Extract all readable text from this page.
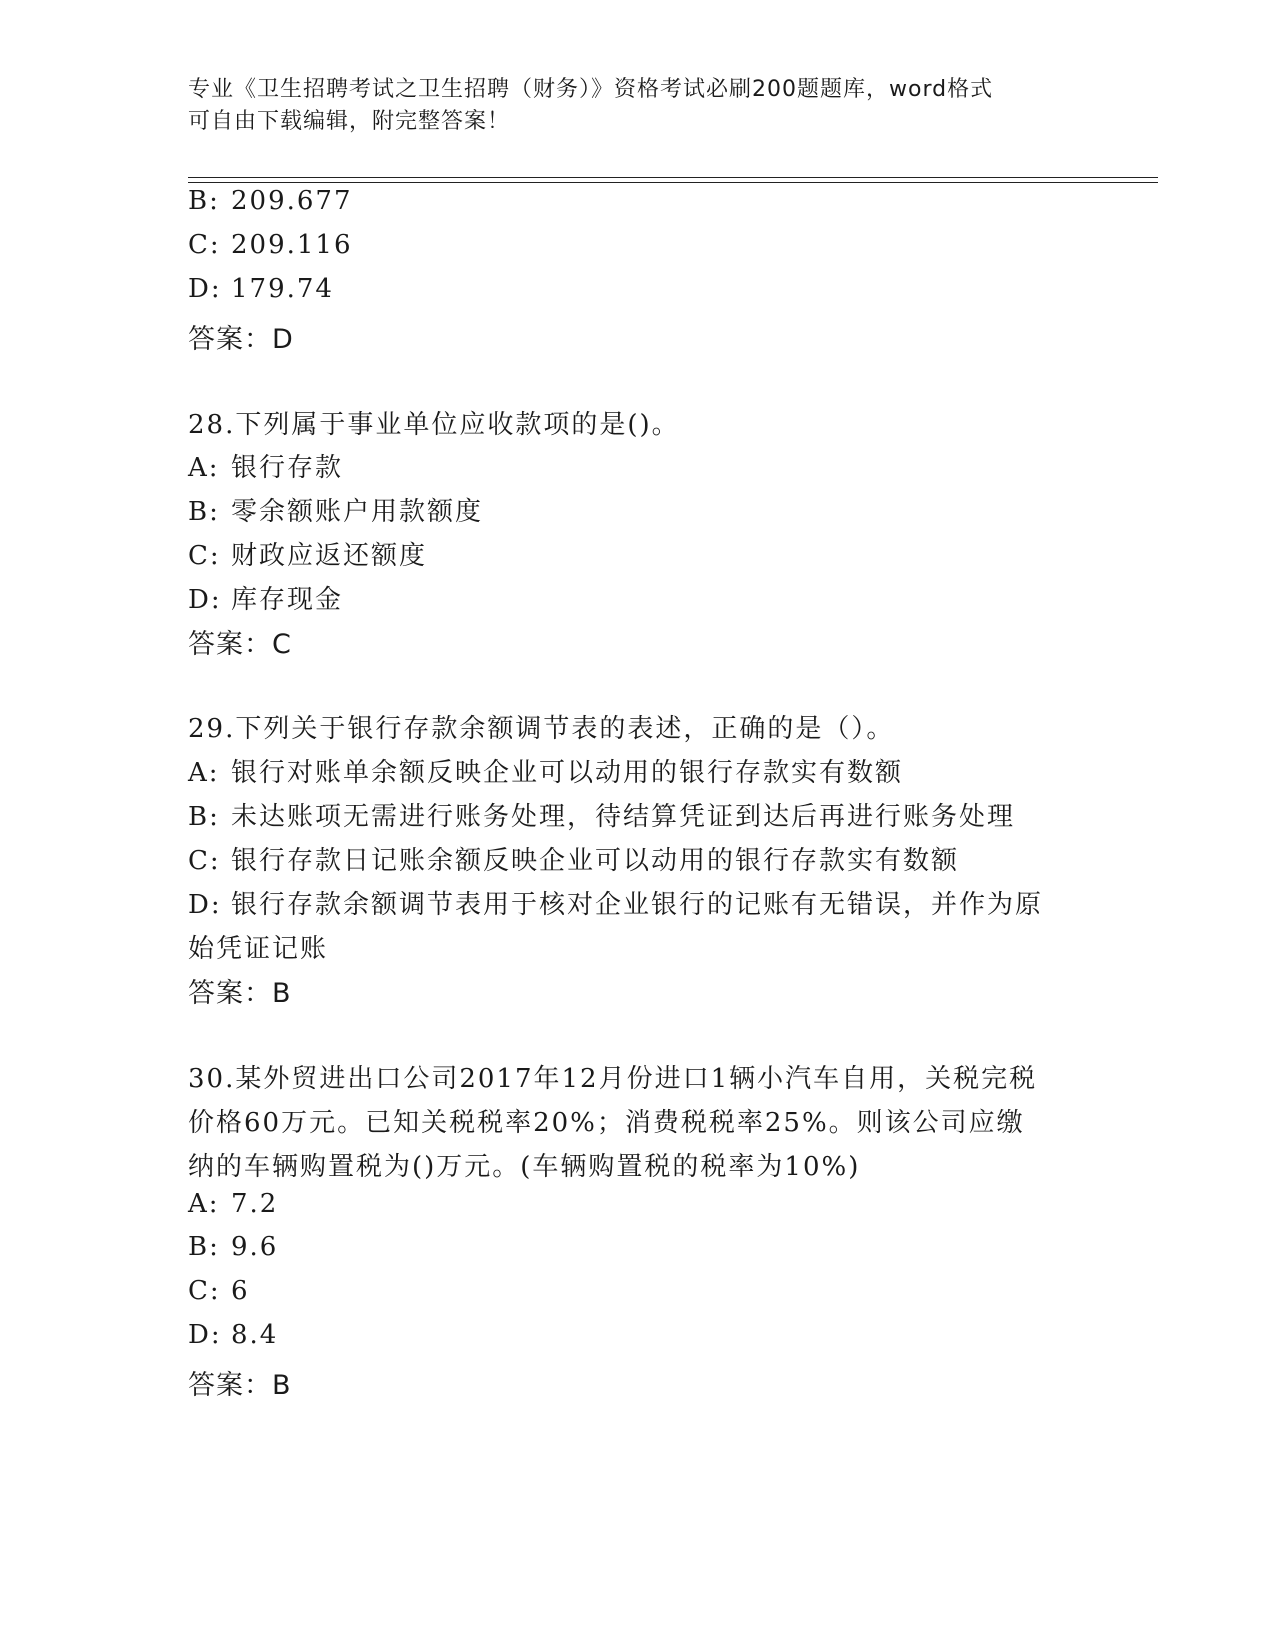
专业《卫生招聘考试之卫生招聘（财务）》资格考试必刷200题题库，word格式
可自由下载编辑，附完整答案！
B: 209.677
C: 209.116
D: 179.74
答案：D
28.下列属于事业单位应收款项的是()。
A: 银行存款
B: 零余额账户用款额度
C: 财政应返还额度
D: 库存现金
答案：C
29.下列关于银行存款余额调节表的表述，正确的是（）。
A: 银行对账单余额反映企业可以动用的银行存款实有数额
B: 未达账项无需进行账务处理，待结算凭证到达后再进行账务处理
C: 银行存款日记账余额反映企业可以动用的银行存款实有数额
D: 银行存款余额调节表用于核对企业银行的记账有无错误，并作为原
始凭证记账
答案：B
30.某外贸进出口公司2017年12月份进口1辆小汽车自用，关税完税
价格60万元。已知关税税率20%；消费税税率25%。则该公司应缴
纳的车辆购置税为()万元。(车辆购置税的税率为10%)
A: 7.2
B: 9.6
C: 6
D: 8.4
答案：B
